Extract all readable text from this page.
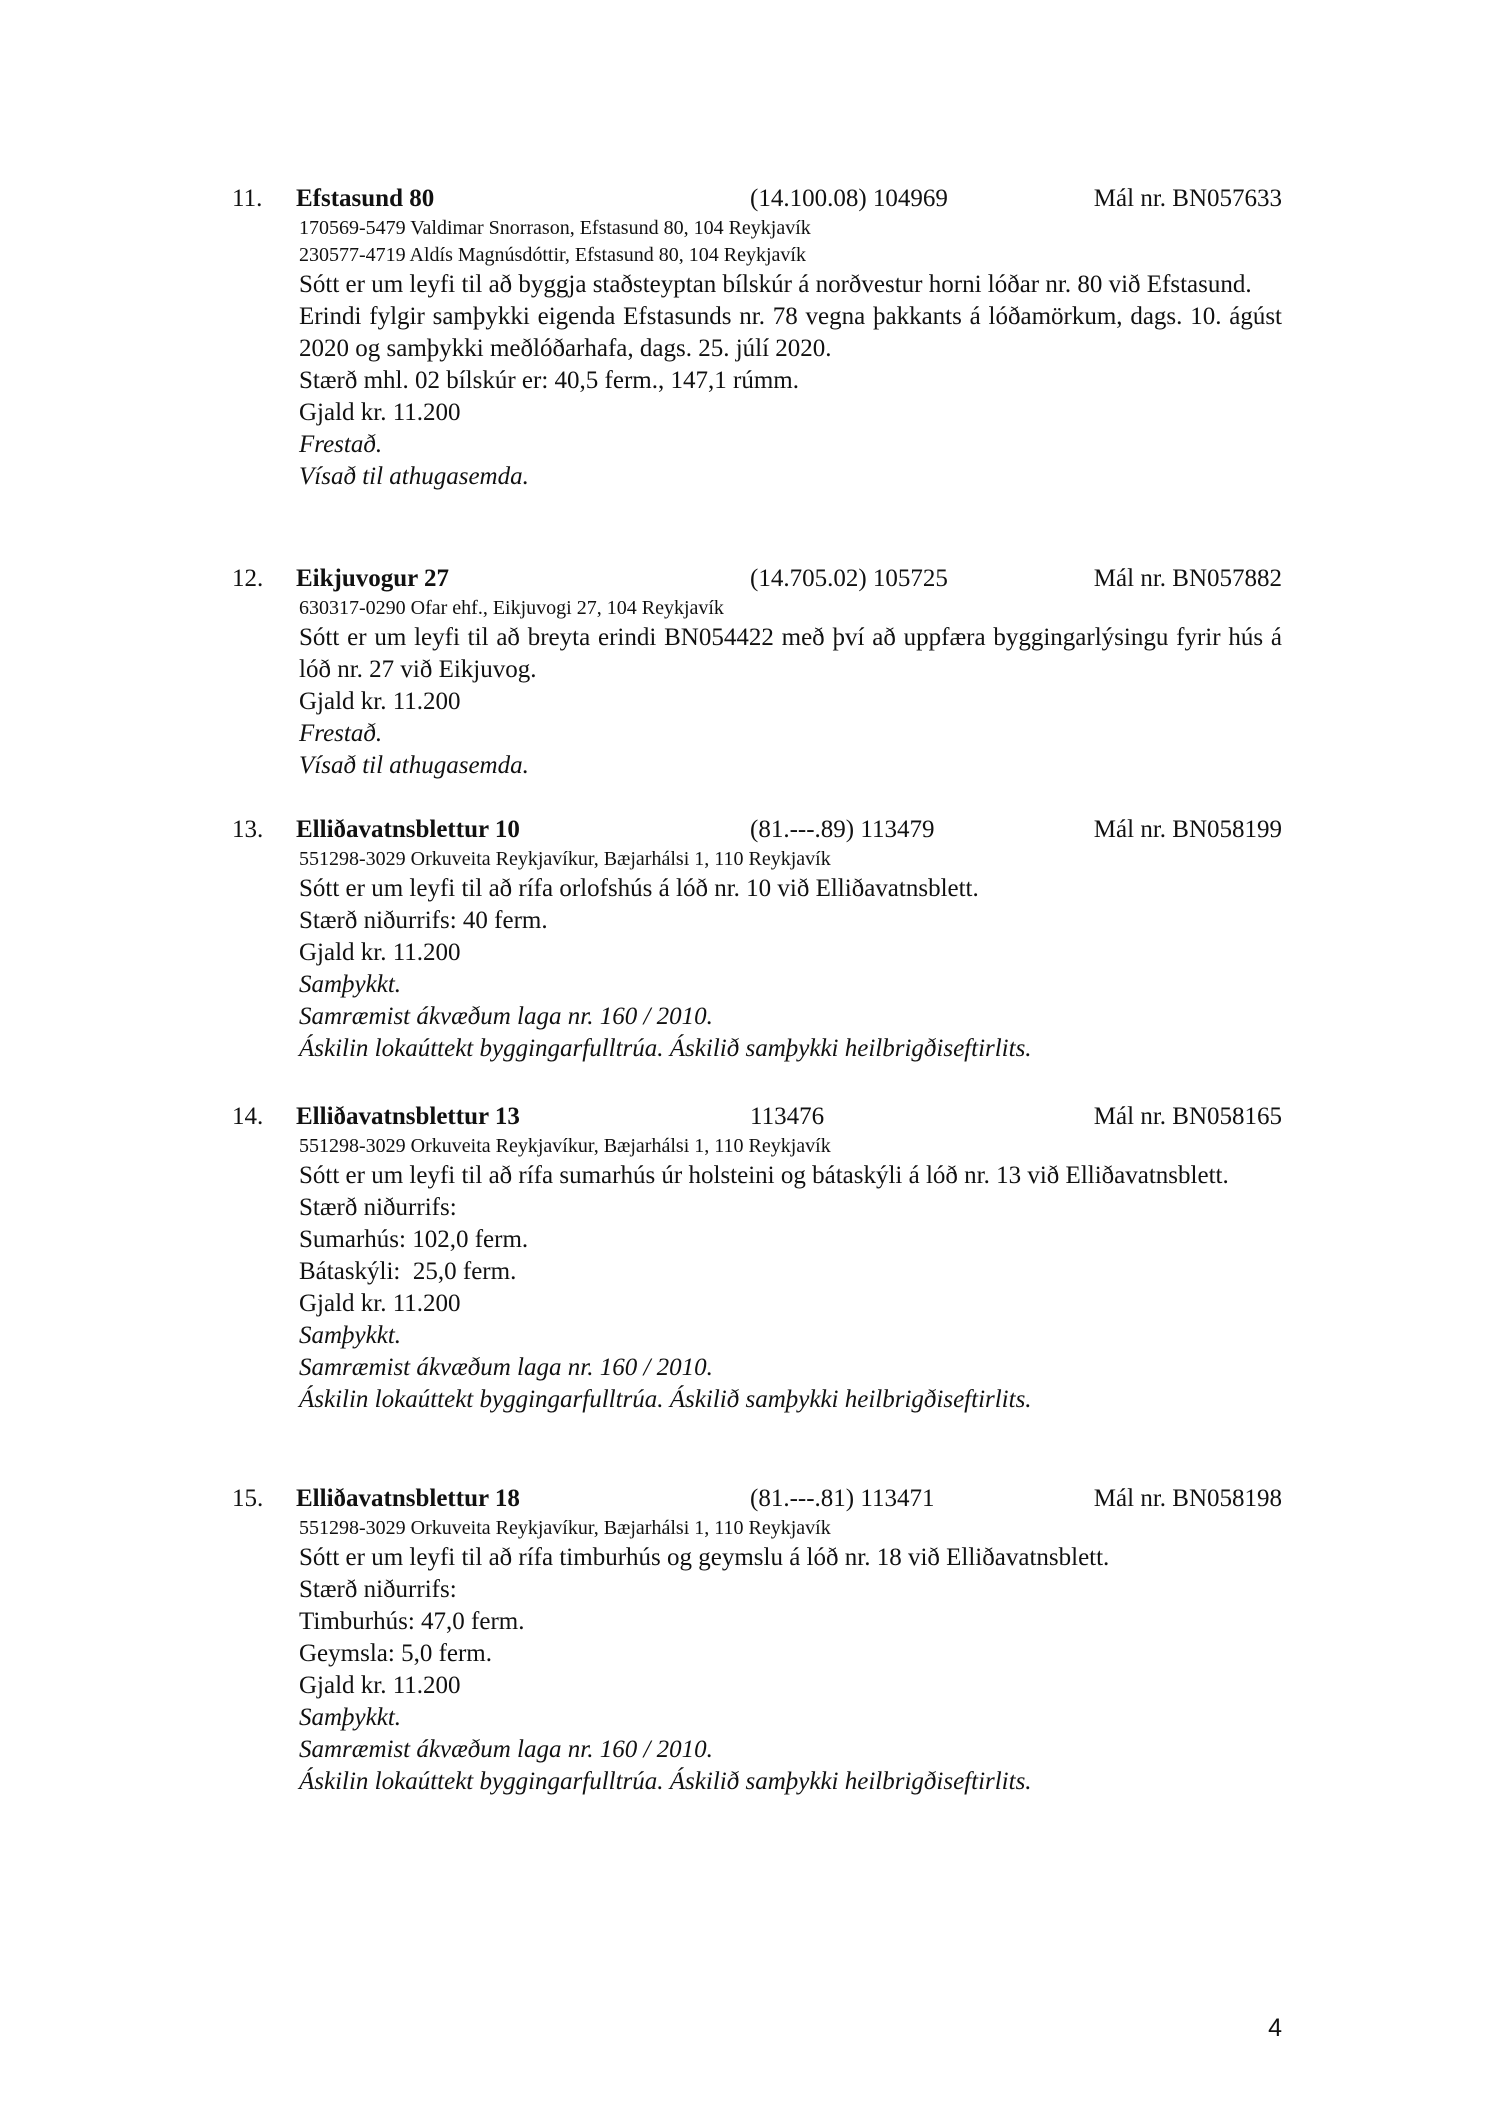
11. Efstasund 80	(14.100.08) 104969	Mál nr. BN057633
170569-5479 Valdimar Snorrason, Efstasund 80, 104 Reykjavík
230577-4719 Aldís Magnúsdóttir, Efstasund 80, 104 Reykjavík
Sótt er um leyfi til að byggja staðsteyptan bílskúr á norðvestur horni lóðar nr. 80 við Efstasund.
Erindi fylgir samþykki eigenda Efstasunds nr. 78 vegna þakkants á lóðamörkum, dags. 10. ágúst 2020 og samþykki meðlóðarhafa, dags. 25. júlí 2020.
Stærð mhl. 02 bílskúr er: 40,5 ferm., 147,1 rúmm.
Gjald kr. 11.200
Frestað.
Vísað til athugasemda.
12. Eikjuvogur 27	(14.705.02) 105725	Mál nr. BN057882
630317-0290 Ofar ehf., Eikjuvogi 27, 104 Reykjavík
Sótt er um leyfi til að breyta erindi BN054422 með því að uppfæra byggingarlýsingu fyrir hús á lóð nr. 27 við Eikjuvog.
Gjald kr. 11.200
Frestað.
Vísað til athugasemda.
13. Elliðavatnsblettur 10	(81.---.89) 113479	Mál nr. BN058199
551298-3029 Orkuveita Reykjavíkur, Bæjarhálsi 1, 110 Reykjavík
Sótt er um leyfi til að rífa orlofshús á lóð nr. 10 við Elliðavatnsblett.
Stærð niðurrifs: 40 ferm.
Gjald kr. 11.200
Samþykkt.
Samræmist ákvæðum laga nr. 160 / 2010.
Áskilin lokaúttekt byggingarfulltrúa. Áskilið samþykki heilbrigðiseftirlits.
14. Elliðavatnsblettur 13	113476	Mál nr. BN058165
551298-3029 Orkuveita Reykjavíkur, Bæjarhálsi 1, 110 Reykjavík
Sótt er um leyfi til að rífa sumarhús úr holsteini og bátaskýli á lóð nr. 13 við Elliðavatnsblett.
Stærð niðurrifs:
Sumarhús: 102,0 ferm.
Bátaskýli:  25,0 ferm.
Gjald kr. 11.200
Samþykkt.
Samræmist ákvæðum laga nr. 160 / 2010.
Áskilin lokaúttekt byggingarfulltrúa. Áskilið samþykki heilbrigðiseftirlits.
15. Elliðavatnsblettur 18	(81.---.81) 113471	Mál nr. BN058198
551298-3029 Orkuveita Reykjavíkur, Bæjarhálsi 1, 110 Reykjavík
Sótt er um leyfi til að rífa timburhús og geymslu á lóð nr. 18 við Elliðavatnsblett.
Stærð niðurrifs:
Timburhús: 47,0 ferm.
Geymsla: 5,0 ferm.
Gjald kr. 11.200
Samþykkt.
Samræmist ákvæðum laga nr. 160 / 2010.
Áskilin lokaúttekt byggingarfulltrúa. Áskilið samþykki heilbrigðiseftirlits.
4
